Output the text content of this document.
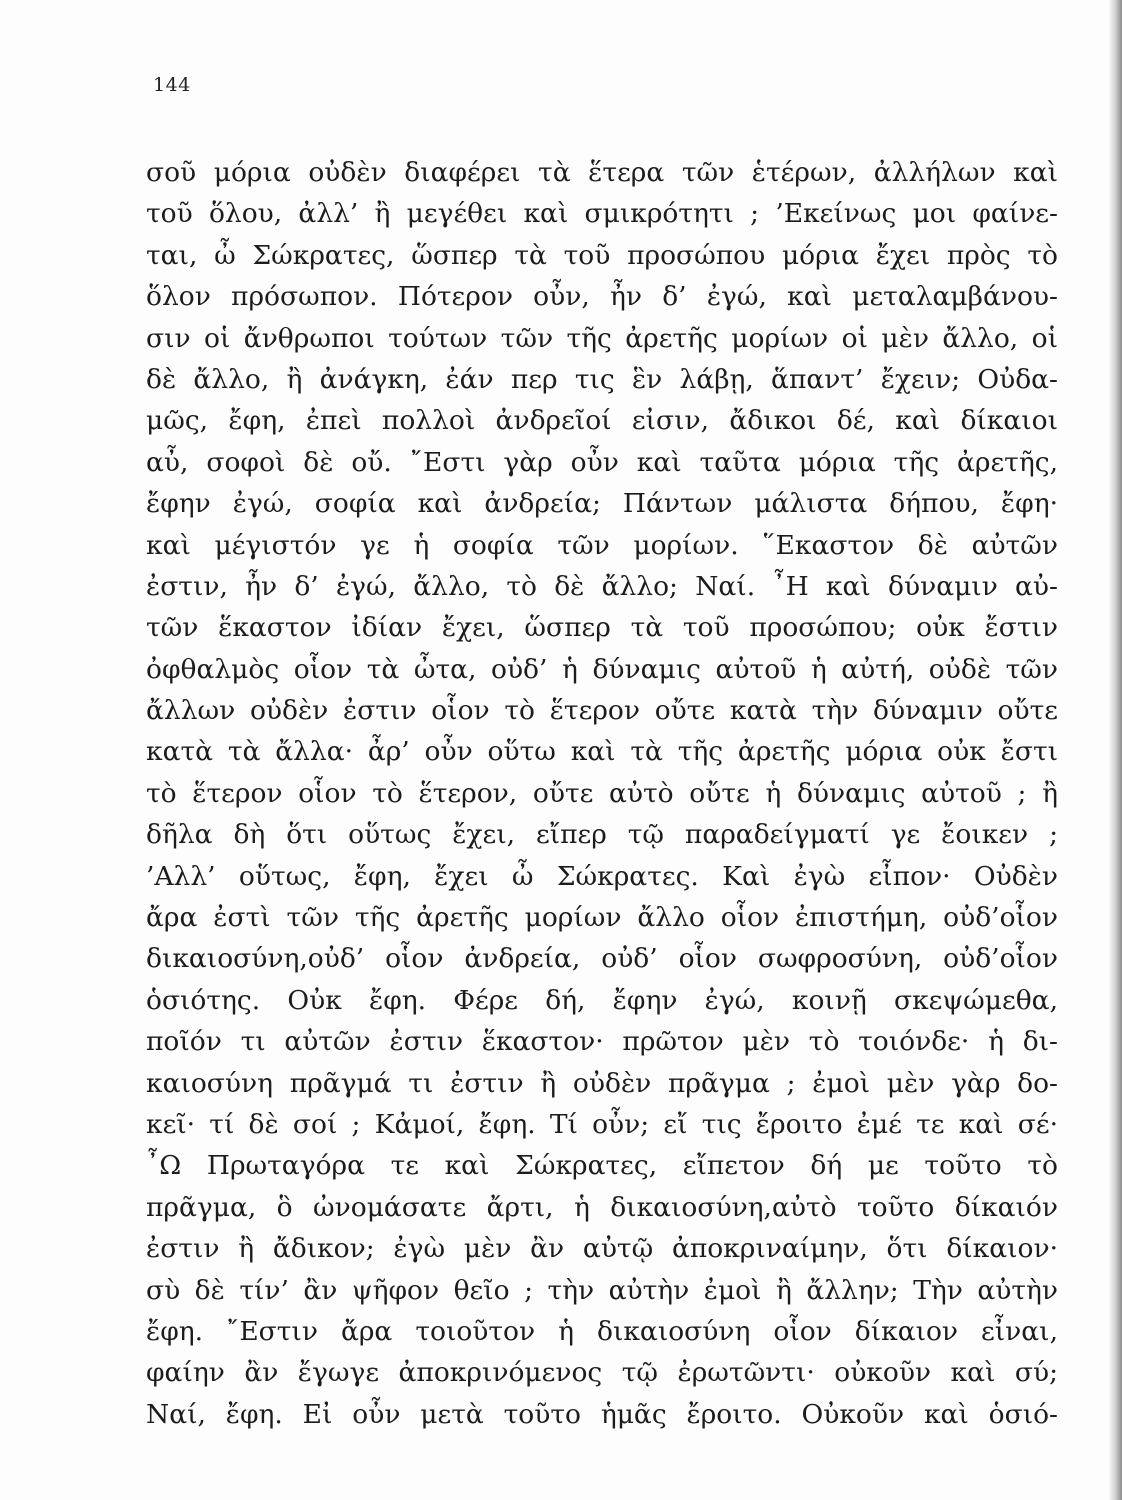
144
σοῦ μόρια οὐδὲν διαφέρει τὰ ἕτερα τῶν ἑτέρων, ἀλλήλων καὶ
τοῦ ὅλου, ἀλλ’ ἢ μεγέθει καὶ σμικρότητι ; ’Εκείνως μοι φαίνε-
ται, ὦ Σώκρατες, ὥσπερ τὰ τοῦ προσώπου μόρια ἔχει πρὸς τὸ
ὅλον πρόσωπον. Πότερον οὖν, ἦν δ’ ἐγώ, καὶ μεταλαμβάνου-
σιν οἱ ἄνθρωποι τούτων τῶν τῆς ἀρετῆς μορίων οἱ μὲν ἄλλο, οἱ
δὲ ἄλλο, ἢ ἀνάγκη, ἐάν περ τις ἓν λάβῃ, ἅπαντ’ ἔχειν; Οὐδα-
μῶς, ἔφη, ἐπεὶ πολλοὶ ἀνδρεῖοί εἰσιν, ἄδικοι δέ, καὶ δίκαιοι
αὖ, σοφοὶ δὲ οὔ. ῎Εστι γὰρ οὖν καὶ ταῦτα μόρια τῆς ἀρετῆς,
ἔφην ἐγώ, σοφία καὶ ἀνδρεία; Πάντων μάλιστα δήπου, ἔφη·
καὶ μέγιστόν γε ἡ σοφία τῶν μορίων. ῞Εκαστον δὲ αὐτῶν
ἐστιν, ἦν δ’ ἐγώ, ἄλλο, τὸ δὲ ἄλλο; Ναί. ῏Η καὶ δύναμιν αὐ-
τῶν ἕκαστον ἰδίαν ἔχει, ὥσπερ τὰ τοῦ προσώπου; οὐκ ἔστιν
ὀφθαλμὸς οἷον τὰ ὦτα, οὐδ’ ἡ δύναμις αὐτοῦ ἡ αὐτή, οὐδὲ τῶν
ἄλλων οὐδὲν ἐστιν οἷον τὸ ἕτερον οὔτε κατὰ τὴν δύναμιν οὔτε
κατὰ τὰ ἄλλα· ἆρ’ οὖν οὕτω καὶ τὰ τῆς ἀρετῆς μόρια οὐκ ἔστι
τὸ ἕτερον οἷον τὸ ἕτερον, οὔτε αὐτὸ οὔτε ἡ δύναμις αὐτοῦ ; ἢ
δῆλα δὴ ὅτι οὕτως ἔχει, εἴπερ τῷ παραδείγματί γε ἔοικεν ;
’Αλλ’ οὕτως, ἔφη, ἔχει ὦ Σώκρατες. Καὶ ἐγὼ εἶπον· Οὐδὲν
ἄρα ἐστὶ τῶν τῆς ἀρετῆς μορίων ἄλλο οἷον ἐπιστήμη, οὐδ’οἷον
δικαιοσύνη,οὐδ’ οἷον ἀνδρεία, οὐδ’ οἷον σωφροσύνη, οὐδ’οἷον
ὁσιότης. Οὐκ ἔφη. Φέρε δή, ἔφην ἐγώ, κοινῇ σκεψώμεθα,
ποῖόν τι αὐτῶν ἐστιν ἕκαστον· πρῶτον μὲν τὸ τοιόνδε· ἡ δι-
καιοσύνη πρᾶγμά τι ἐστιν ἢ οὐδὲν πρᾶγμα ; ἐμοὶ μὲν γὰρ δο-
κεῖ· τί δὲ σοί ; Κἀμοί, ἔφη. Τί οὖν; εἴ τις ἔροιτο ἐμέ τε καὶ σέ·
῏Ω Πρωταγόρα τε καὶ Σώκρατες, εἴπετον δή με τοῦτο τὸ
πρᾶγμα, ὃ ὠνομάσατε ἄρτι, ἡ δικαιοσύνη,αὐτὸ τοῦτο δίκαιόν
ἐστιν ἢ ἄδικον; ἐγὼ μὲν ἂν αὐτῷ ἀποκριναίμην, ὅτι δίκαιον·
σὺ δὲ τίν’ ἂν ψῆφον θεῖο ; τὴν αὐτὴν ἐμοὶ ἢ ἄλλην; Τὴν αὐτὴν
ἔφη. ῎Εστιν ἄρα τοιοῦτον ἡ δικαιοσύνη οἷον δίκαιον εἶναι,
φαίην ἂν ἔγωγε ἀποκρινόμενος τῷ ἐρωτῶντι· οὐκοῦν καὶ σύ;
Ναί, ἔφη. Εἰ οὖν μετὰ τοῦτο ἡμᾶς ἔροιτο. Οὐκοῦν καὶ ὁσιό-
